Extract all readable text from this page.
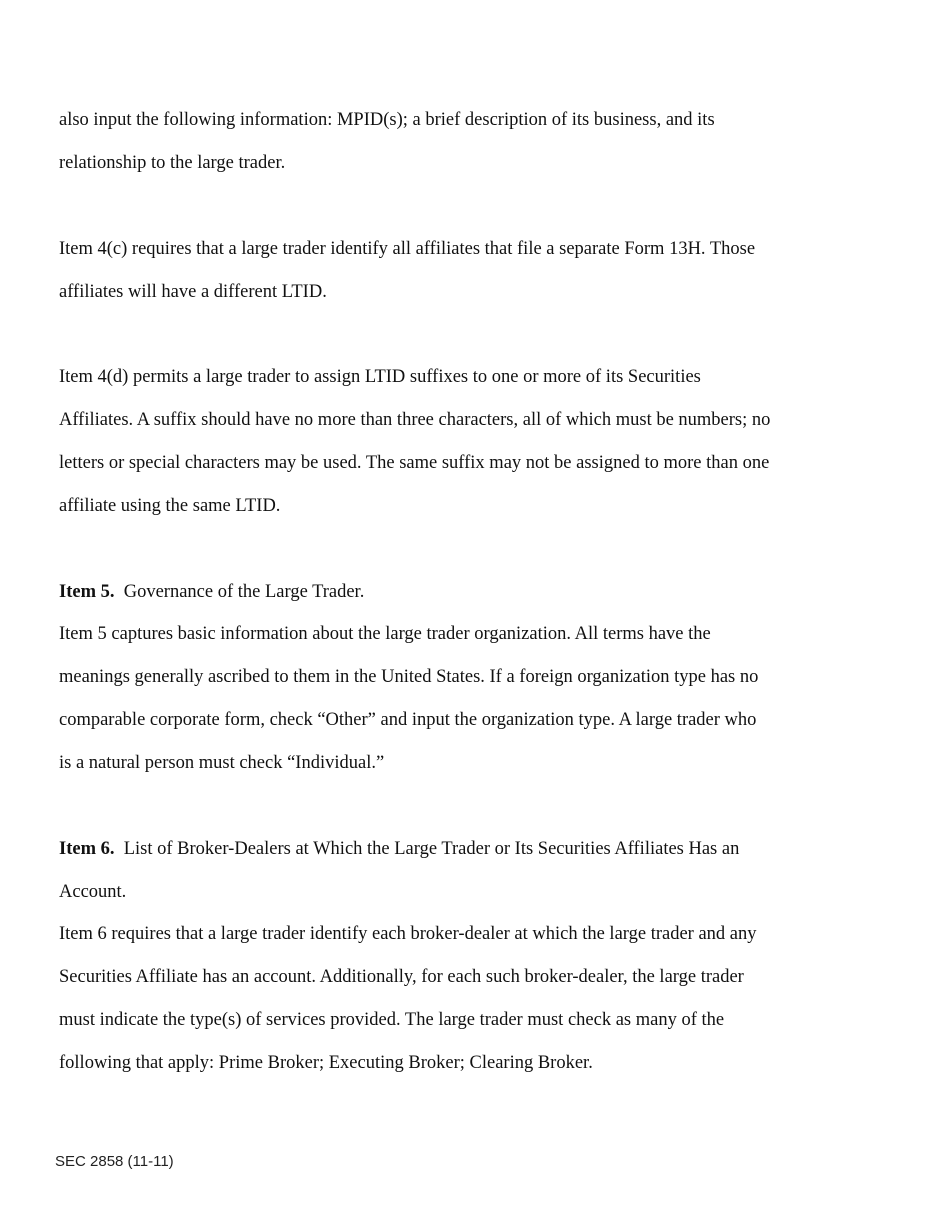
also input the following information: MPID(s); a brief description of its business, and its
relationship to the large trader.
Item 4(c) requires that a large trader identify all affiliates that file a separate Form 13H. Those
affiliates will have a different LTID.
Item 4(d) permits a large trader to assign LTID suffixes to one or more of its Securities
Affiliates. A suffix should have no more than three characters, all of which must be numbers; no
letters or special characters may be used. The same suffix may not be assigned to more than one
affiliate using the same LTID.
Item 5.  Governance of the Large Trader.
Item 5 captures basic information about the large trader organization. All terms have the
meanings generally ascribed to them in the United States. If a foreign organization type has no
comparable corporate form, check “Other” and input the organization type. A large trader who
is a natural person must check “Individual.”
Item 6.  List of Broker-Dealers at Which the Large Trader or Its Securities Affiliates Has an
Account.
Item 6 requires that a large trader identify each broker-dealer at which the large trader and any
Securities Affiliate has an account. Additionally, for each such broker-dealer, the large trader
must indicate the type(s) of services provided. The large trader must check as many of the
following that apply: Prime Broker; Executing Broker; Clearing Broker.
SEC 2858 (11-11)
